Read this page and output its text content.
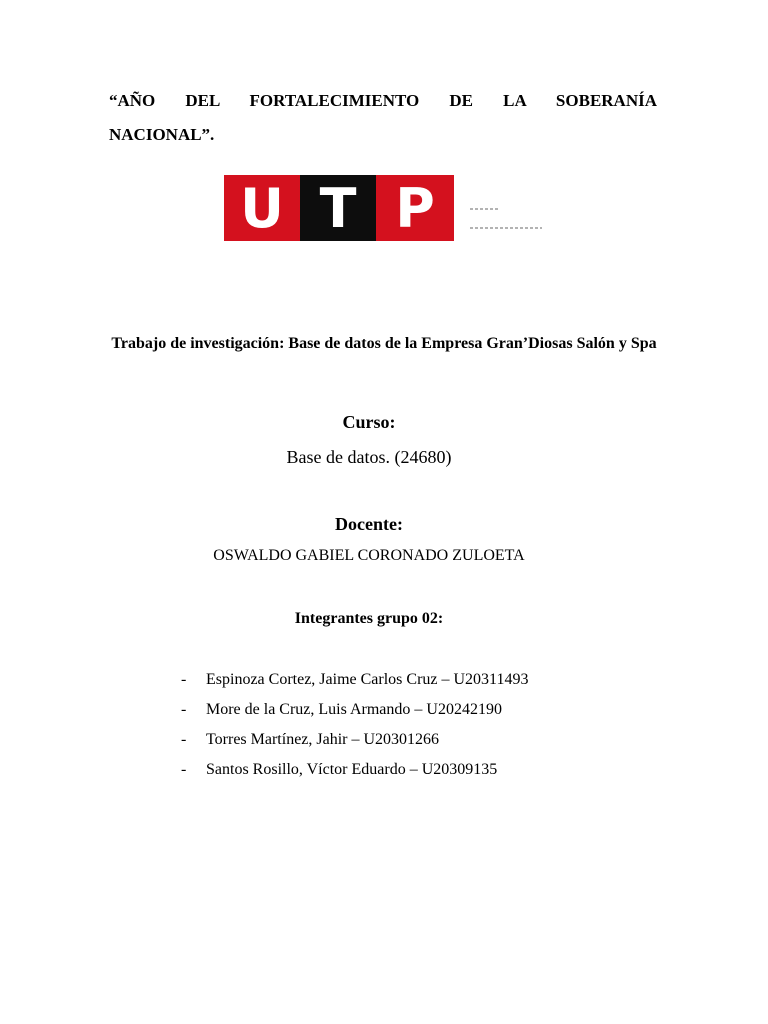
“AÑO DEL FORTALECIMIENTO DE LA SOBERANÍA
NACIONAL”.
U T P
Trabajo de investigación: Base de datos de la Empresa Gran’Diosas Salón y Spa
Curso:
Base de datos. (24680)
Docente:
OSWALDO GABIEL CORONADO ZULOETA
Integrantes grupo 02:
-	Espinoza Cortez, Jaime Carlos Cruz – U20311493
-	More de la Cruz, Luis Armando – U20242190
-	Torres Martínez, Jahir – U20301266
-	Santos Rosillo, Víctor Eduardo – U20309135
